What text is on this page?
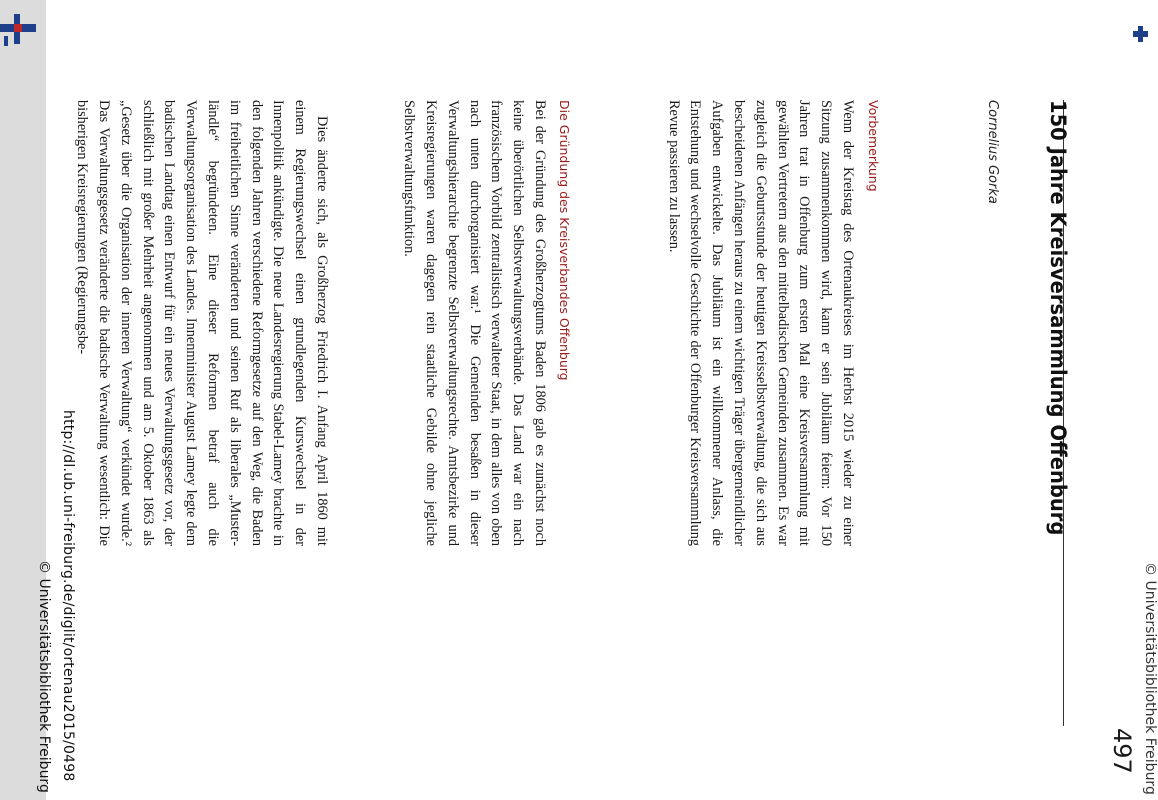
© Universitätsbibliothek Freiburg
497
150 Jahre Kreisversammlung Offenburg
Cornelius Gorka
Vorbemerkung
Wenn der Kreistag des Ortenaukreises im Herbst 2015 wieder zu einer Sitzung zusammenkommen wird, kann er sein Jubiläum feiern: Vor 150 Jahren trat in Offenburg zum ersten Mal eine Kreisversammlung mit gewählten Vertretern aus den mittelbadischen Gemeinden zusammen. Es war zugleich die Geburtsstunde der heutigen Kreisselbstverwaltung, die sich aus bescheidenen Anfängen heraus zu einem wichtigen Träger übergemeindlicher Aufgaben entwickelte. Das Jubiläum ist ein willkommener Anlass, die Entstehung und wechselvolle Geschichte der Offenburger Kreisversammlung Revue passieren zu lassen.
Die Gründung des Kreisverbandes Offenburg
Bei der Gründung des Großherzogtums Baden 1806 gab es zunächst noch keine überörtlichen Selbstverwaltungsverbände. Das Land war ein nach französischem Vorbild zentralistisch verwalteter Staat, in dem alles von oben nach unten durchorganisiert war.¹ Die Gemeinden besaßen in dieser Verwaltungshierarchie begrenzte Selbstverwaltungsrechte. Amtsbezirke und Kreisregierungen waren dagegen rein staatliche Gebilde ohne jegliche Selbstverwaltungsfunktion.
Dies änderte sich, als Großherzog Friedrich I. Anfang April 1860 mit einem Regierungswechsel einen grundlegenden Kurswechsel in der Innenpolitik ankündigte. Die neue Landesregierung Stabel-Lamey brachte in den folgenden Jahren verschiedene Reformgesetze auf den Weg, die Baden im freiheitlichen Sinne veränderten und seinen Ruf als liberales „Musterländle“ begründeten. Eine dieser Reformen betraf auch die Verwaltungsorganisation des Landes. Innenminister August Lamey legte dem badischen Landtag einen Entwurf für ein neues Verwaltungsgesetz vor, der schließlich mit großer Mehrheit angenommen und am 5. Oktober 1863 als „Gesetz über die Organisation der inneren Verwaltung“ verkündet wurde.² Das Verwaltungsgesetz veränderte die badische Verwaltung wesentlich: Die bisherigen Kreisregierungen (Regierungsbe-
http://dl.ub.uni-freiburg.de/diglit/ortenau2015/0498
© Universitätsbibliothek Freiburg
